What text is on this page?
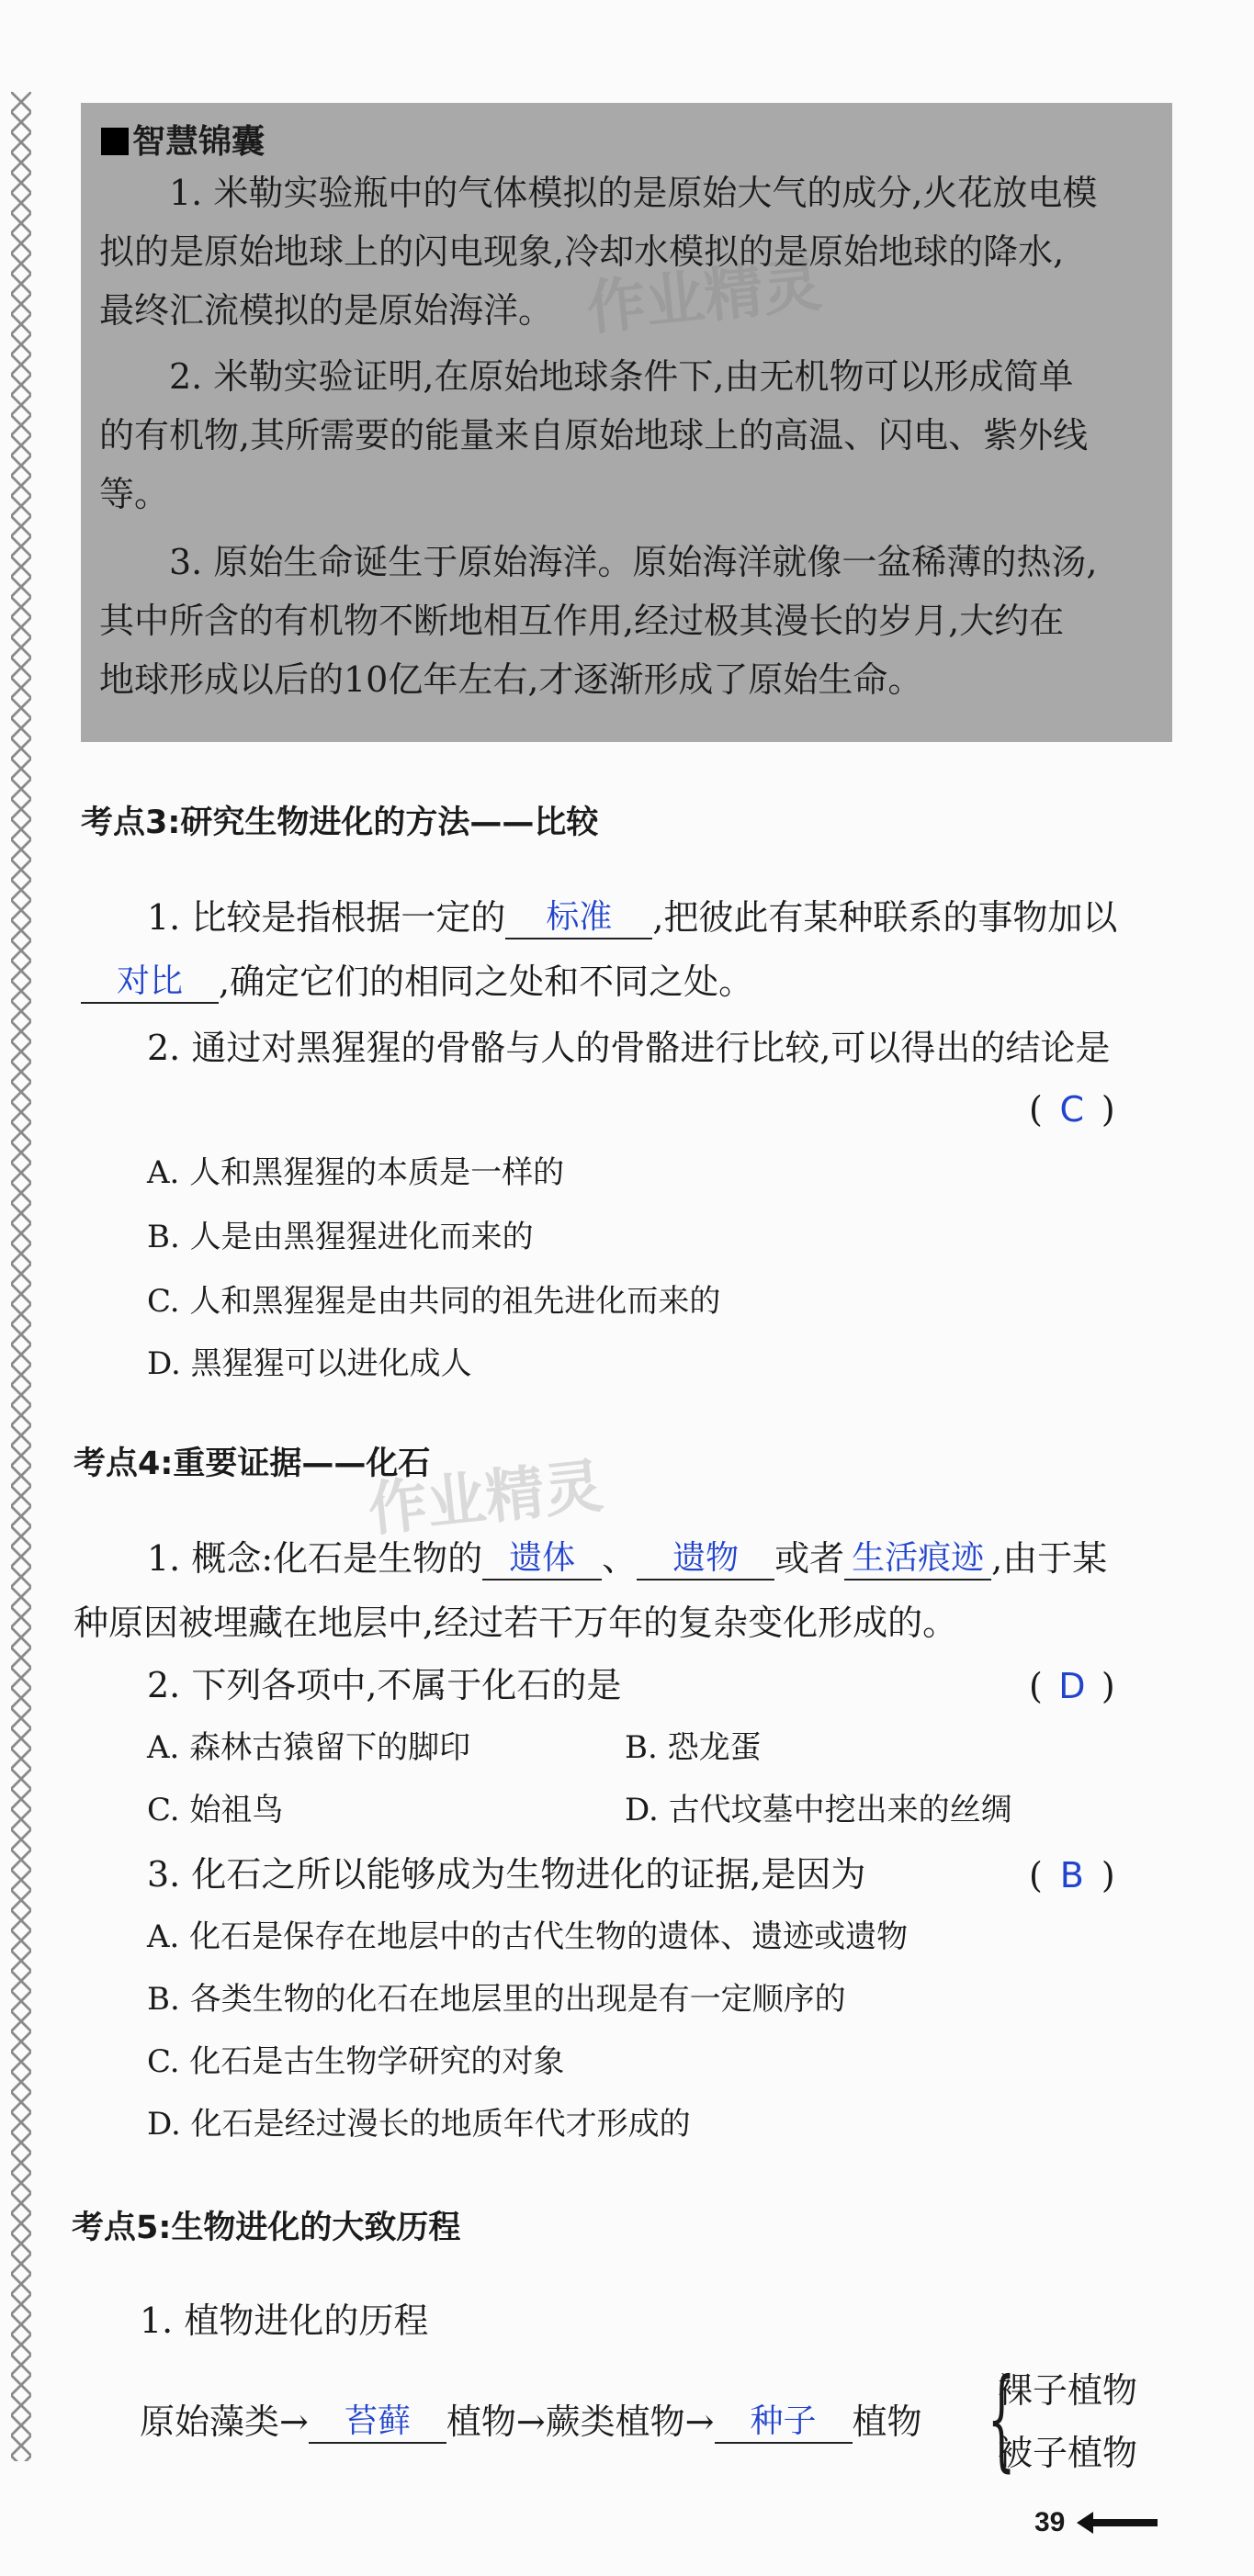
智慧锦囊
1. 米勒实验瓶中的气体模拟的是原始大气的成分,火花放电模
拟的是原始地球上的闪电现象,冷却水模拟的是原始地球的降水,
最终汇流模拟的是原始海洋。
2. 米勒实验证明,在原始地球条件下,由无机物可以形成简单
的有机物,其所需要的能量来自原始地球上的高温、闪电、紫外线
等。
3. 原始生命诞生于原始海洋。原始海洋就像一盆稀薄的热汤,
其中所含的有机物不断地相互作用,经过极其漫长的岁月,大约在
地球形成以后的10亿年左右,才逐渐形成了原始生命。
作业精灵
考点3:研究生物进化的方法——比较
1. 比较是指根据一定的 标准 ,把彼此有某种联系的事物加以
对比 ,确定它们的相同之处和不同之处。
2. 通过对黑猩猩的骨骼与人的骨骼进行比较,可以得出的结论是
( C )
A. 人和黑猩猩的本质是一样的
B. 人是由黑猩猩进化而来的
C. 人和黑猩猩是由共同的祖先进化而来的
D. 黑猩猩可以进化成人
考点4:重要证据——化石
作业精灵
1. 概念:化石是生物的 遗体 、 遗物 或者 生活痕迹 ,由于某
种原因被埋藏在地层中,经过若干万年的复杂变化形成的。
2. 下列各项中,不属于化石的是	( D )
A. 森林古猿留下的脚印	B. 恐龙蛋
C. 始祖鸟	D. 古代坟墓中挖出来的丝绸
3. 化石之所以能够成为生物进化的证据,是因为	( B )
A. 化石是保存在地层中的古代生物的遗体、遗迹或遗物
B. 各类生物的化石在地层里的出现是有一定顺序的
C. 化石是古生物学研究的对象
D. 化石是经过漫长的地质年代才形成的
考点5:生物进化的大致历程
1. 植物进化的历程
原始藻类→ 苔藓 植物→蕨类植物→ 种子 植物 {
裸子植物
被子植物
39
